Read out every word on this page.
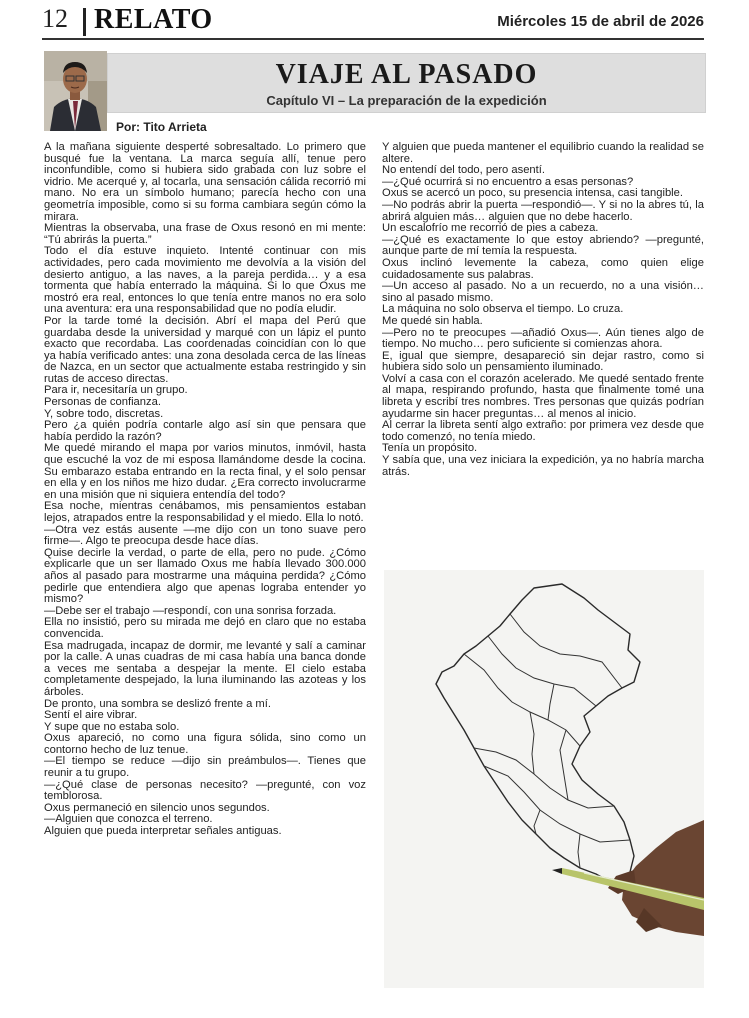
12 RELATO	Miércoles 15 de abril de 2026
VIAJE AL PASADO
Capítulo VI – La preparación de la expedición
Por: Tito Arrieta

A la mañana siguiente desperté sobresaltado. Lo primero que busqué fue la ventana. La marca seguía allí, tenue pero inconfundible, como si hubiera sido grabada con luz sobre el vidrio. Me acerqué y, al tocarla, una sensación cálida recorrió mi mano. No era un símbolo humano; parecía hecho con una geometría imposible, como si su forma cambiara según cómo la mirara.

Mientras la observaba, una frase de Oxus resonó en mi mente: “Tú abrirás la puerta.”

Todo el día estuve inquieto. Intenté continuar con mis actividades, pero cada movimiento me devolvía a la visión del desierto antiguo, a las naves, a la pareja perdida… y a esa tormenta que había enterrado la máquina. Si lo que Oxus me mostró era real, entonces lo que tenía entre manos no era solo una aventura: era una responsabilidad que no podía eludir.

Por la tarde tomé la decisión. Abrí el mapa del Perú que guardaba desde la universidad y marqué con un lápiz el punto exacto que recordaba. Las coordenadas coincidían con lo que ya había verificado antes: una zona desolada cerca de las líneas de Nazca, en un sector que actualmente estaba restringido y sin rutas de acceso directas.

Para ir, necesitaría un grupo.

Personas de confianza.

Y, sobre todo, discretas.

Pero ¿a quién podría contarle algo así sin que pensara que había perdido la razón?

Me quedé mirando el mapa por varios minutos, inmóvil, hasta que escuché la voz de mi esposa llamándome desde la cocina. Su embarazo estaba entrando en la recta final, y el solo pensar en ella y en los niños me hizo dudar. ¿Era correcto involucrarme en una misión que ni siquiera entendía del todo?

Esa noche, mientras cenábamos, mis pensamientos estaban lejos, atrapados entre la responsabilidad y el miedo. Ella lo notó.

—Otra vez estás ausente —me dijo con un tono suave pero firme—. Algo te preocupa desde hace días.

Quise decirle la verdad, o parte de ella, pero no pude. ¿Cómo explicarle que un ser llamado Oxus me había llevado 300.000 años al pasado para mostrarme una máquina perdida? ¿Cómo pedirle que entendiera algo que apenas lograba entender yo mismo?

—Debe ser el trabajo —respondí, con una sonrisa forzada.

Ella no insistió, pero su mirada me dejó en claro que no estaba convencida.

Esa madrugada, incapaz de dormir, me levanté y salí a caminar por la calle. A unas cuadras de mi casa había una banca donde a veces me sentaba a despejar la mente. El cielo estaba completamente despejado, la luna iluminando las azoteas y los árboles.

De pronto, una sombra se deslizó frente a mí.

Sentí el aire vibrar.

Y supe que no estaba solo.

Oxus apareció, no como una figura sólida, sino como un contorno hecho de luz tenue.

—El tiempo se reduce —dijo sin preámbulos—. Tienes que reunir a tu grupo.

—¿Qué clase de personas necesito? —pregunté, con voz temblorosa.

Oxus permaneció en silencio unos segundos.

—Alguien que conozca el terreno.

Alguien que pueda interpretar señales antiguas.

Y alguien que pueda mantener el equilibrio cuando la realidad se altere.

No entendí del todo, pero asentí.

—¿Qué ocurrirá si no encuentro a esas personas?

Oxus se acercó un poco, su presencia intensa, casi tangible.

—No podrás abrir la puerta —respondió—. Y si no la abres tú, la abrirá alguien más… alguien que no debe hacerlo.

Un escalofrío me recorrió de pies a cabeza.

—¿Qué es exactamente lo que estoy abriendo? —pregunté, aunque parte de mí temía la respuesta.

Oxus inclinó levemente la cabeza, como quien elige cuidadosamente sus palabras.

—Un acceso al pasado. No a un recuerdo, no a una visión… sino al pasado mismo.

La máquina no solo observa el tiempo. Lo cruza.

Me quedé sin habla.

—Pero no te preocupes —añadió Oxus—. Aún tienes algo de tiempo. No mucho… pero suficiente si comienzas ahora.

E, igual que siempre, desapareció sin dejar rastro, como si hubiera sido solo un pensamiento iluminado.

Volví a casa con el corazón acelerado. Me quedé sentado frente al mapa, respirando profundo, hasta que finalmente tomé una libreta y escribí tres nombres. Tres personas que quizás podrían ayudarme sin hacer preguntas… al menos al inicio.

Al cerrar la libreta sentí algo extraño: por primera vez desde que todo comenzó, no tenía miedo.

Tenía un propósito.

Y sabía que, una vez iniciara la expedición, ya no habría marcha atrás.
